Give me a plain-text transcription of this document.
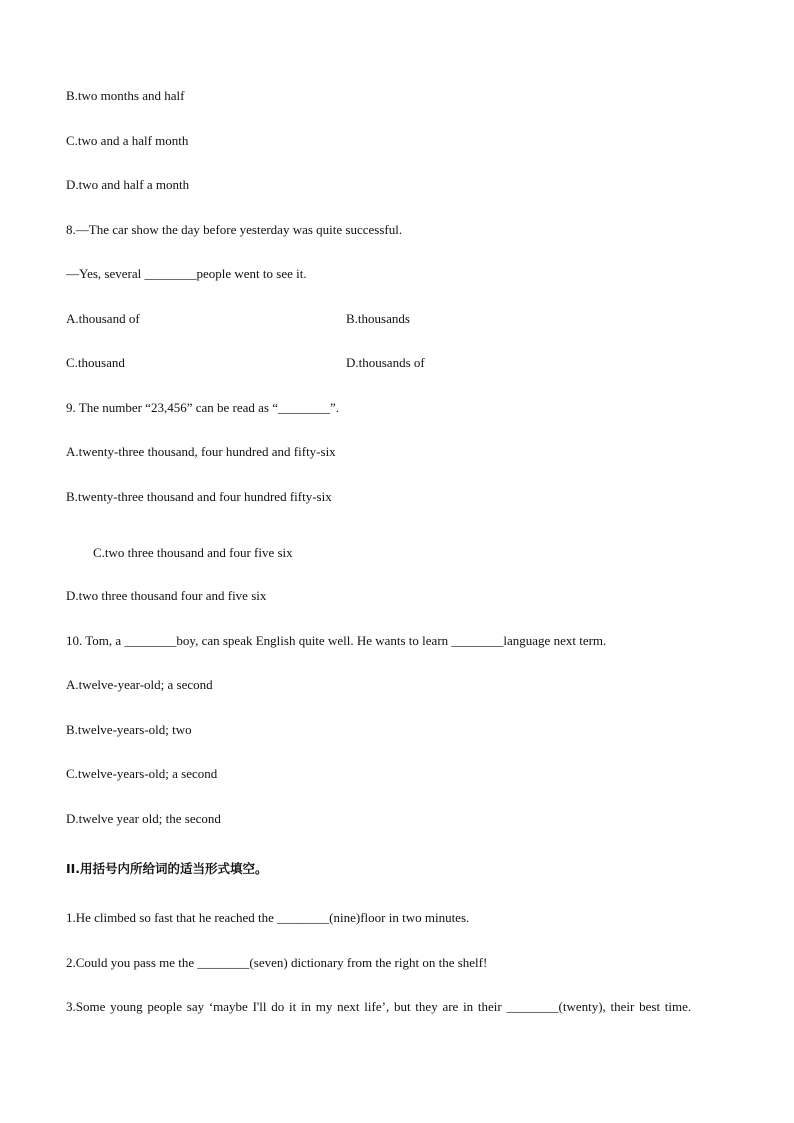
B.two months and half
C.two and a half month
D.two and half a month
8.—The car show the day before yesterday was quite successful.
—Yes, several ________people went to see it.
A.thousand of	B.thousands
C.thousand	D.thousands of
9. The number “23,456” can be read as “________”.
A.twenty-three thousand, four hundred and fifty-six
B.twenty-three thousand and four hundred fifty-six
C.two three thousand and four five six
D.two three thousand four and five six
10. Tom, a ________boy, can speak English quite well. He wants to learn ________language next term.
A.twelve-year-old; a second
B.twelve-years-old; two
C.twelve-years-old; a second
D.twelve year old; the second
II.用括号内所给词的适当形式填空。
1.He climbed so fast that he reached the ________(nine)floor in two minutes.
2.Could you pass me the ________(seven) dictionary from the right on the shelf!
3.Some young people say ‘maybe I'll do it in my next life’, but they are in their ________(twenty), their best time.
